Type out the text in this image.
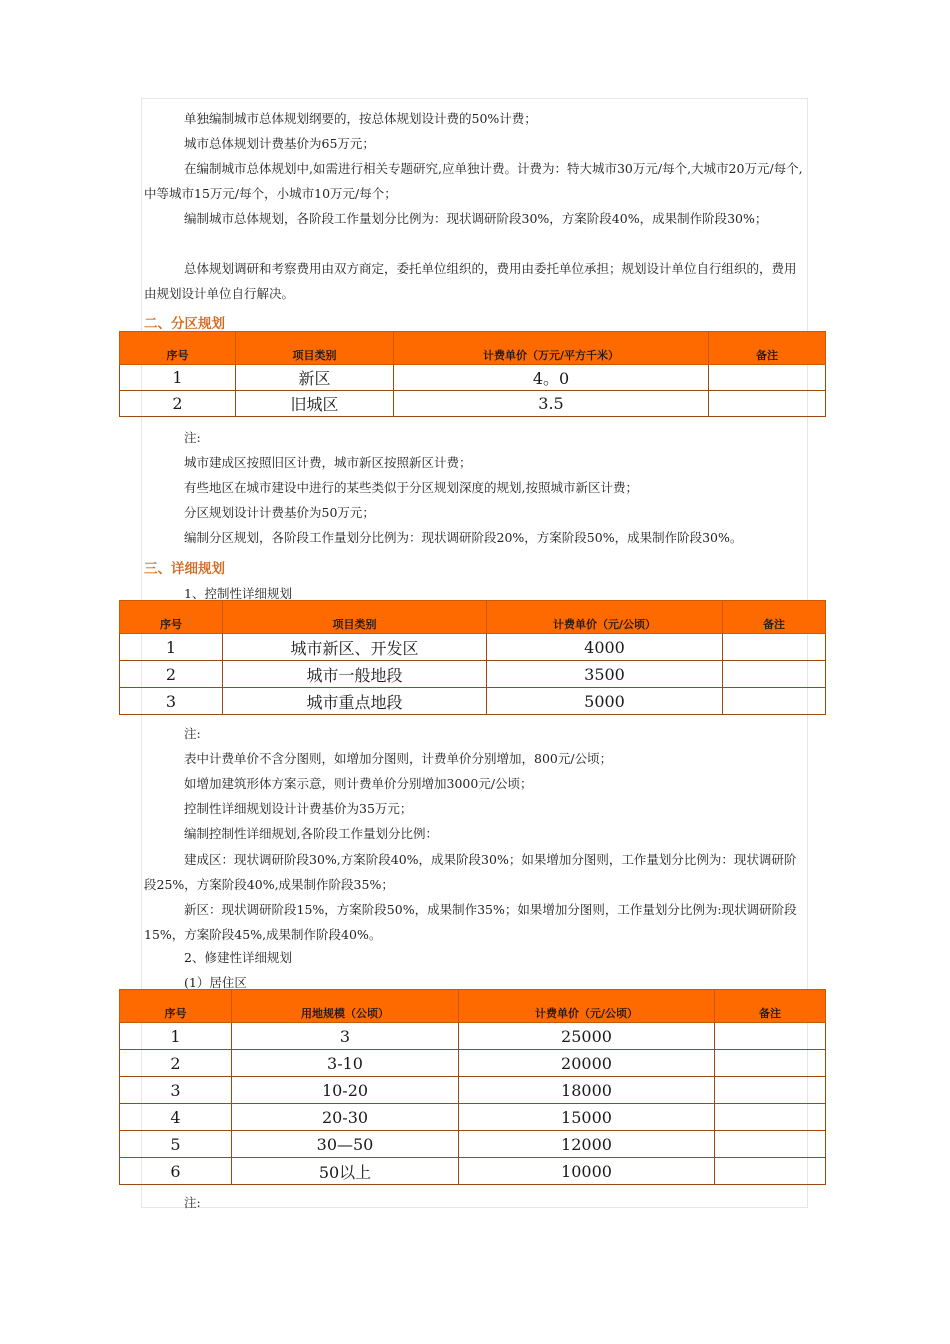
单独编制城市总体规划纲要的，按总体规划设计费的50%计费；

城市总体规划计费基价为65万元；

在编制城市总体规划中,如需进行相关专题研究,应单独计费。计费为：特大城市30万元/每个,大城市20万元/每个,中等城市15万元/每个，小城市10万元/每个；

编制城市总体规划，各阶段工作量划分比例为：现状调研阶段30%，方案阶段40%，成果制作阶段30%；

总体规划调研和考察费用由双方商定，委托单位组织的，费用由委托单位承担；规划设计单位自行组织的，费用由规划设计单位自行解决。

二、分区规划

序号	项目类别	计费单价（万元/平方千米）	备注
1	新区	4。0	
2	旧城区	3.5	

注:

城市建成区按照旧区计费，城市新区按照新区计费；

有些地区在城市建设中进行的某些类似于分区规划深度的规划,按照城市新区计费；

分区规划设计计费基价为50万元；

编制分区规划，各阶段工作量划分比例为：现状调研阶段20%，方案阶段50%，成果制作阶段30%。

三、详细规划

1、控制性详细规划

序号	项目类别	计费单价（元/公顷）	备注
1	城市新区、开发区	4000	
2	城市一般地段	3500	
3	城市重点地段	5000	

注:

表中计费单价不含分图则，如增加分图则，计费单价分别增加，800元/公顷；

如增加建筑形体方案示意，则计费单价分别增加3000元/公顷；

控制性详细规划设计计费基价为35万元；

编制控制性详细规划,各阶段工作量划分比例：

建成区：现状调研阶段30%,方案阶段40%，成果阶段30%；如果增加分图则，工作量划分比例为：现状调研阶段25%，方案阶段40%,成果制作阶段35%；

新区：现状调研阶段15%，方案阶段50%，成果制作35%；如果增加分图则，工作量划分比例为:现状调研阶段15%，方案阶段45%,成果制作阶段40%。

2、修建性详细规划

(1）居住区

序号	用地规模（公顷）	计费单价（元/公顷）	备注
1	3	25000	
2	3-10	20000	
3	10-20	18000	
4	20-30	15000	
5	30—50	12000	
6	50以上	10000	

注:
